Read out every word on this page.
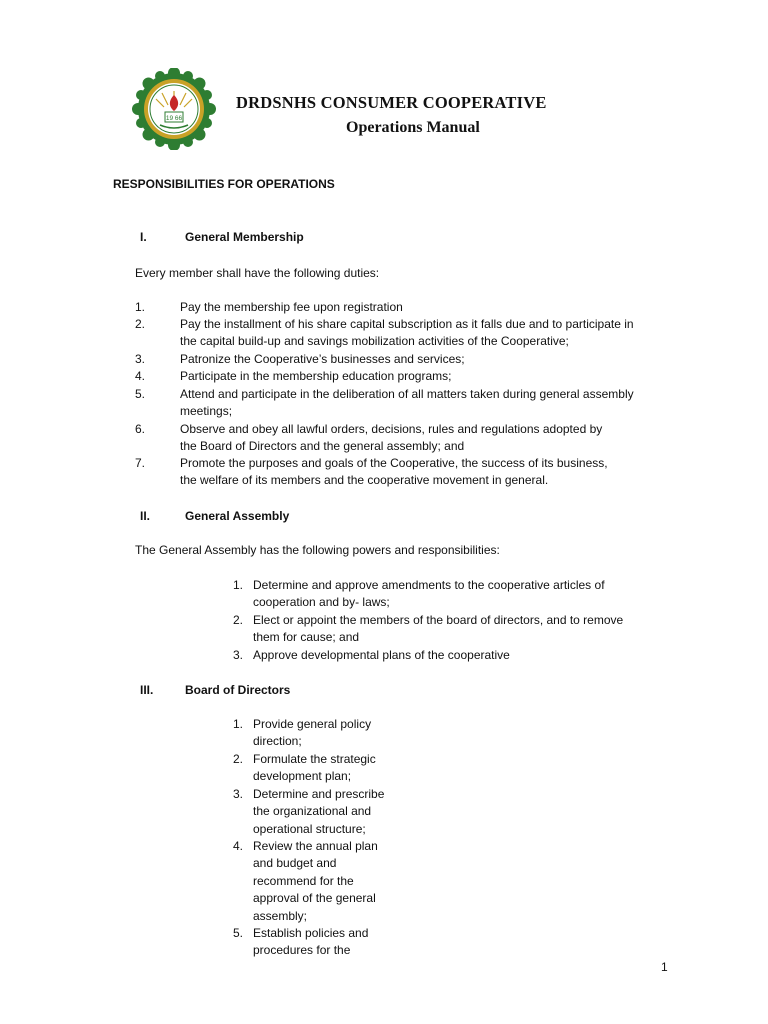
19 66
DRDSNHS CONSUMER COOPERATIVE
Operations Manual
RESPONSIBILITIES FOR OPERATIONS
I.	General Membership
Every member shall have the following duties:
1.	Pay the membership fee upon registration
2.	Pay the installment of his share capital subscription as it falls due and to participate in
the capital build-up and savings mobilization activities of the Cooperative;
3.	Patronize the Cooperative’s businesses and services;
4.	Participate in the membership education programs;
5.	Attend and participate in the deliberation of all matters taken during general assembly
meetings;
6.	Observe and obey all lawful orders, decisions, rules and regulations adopted by
the Board of Directors and the general assembly; and
7.	Promote the purposes and goals of the Cooperative, the success of its business,
the welfare of its members and the cooperative movement in general.
II.	General Assembly
The General Assembly has the following powers and responsibilities:
1. Determine and approve amendments to the cooperative articles of
cooperation and by- laws;
2. Elect or appoint the members of the board of directors, and to remove
them for cause; and
3. Approve developmental plans of the cooperative
III.	Board of Directors
1. Provide general policy
direction;
2. Formulate the strategic
development plan;
3. Determine and prescribe
the organizational and
operational structure;
4. Review the annual plan
and budget and
recommend for the
approval of the general
assembly;
5. Establish policies and
procedures for the
1
